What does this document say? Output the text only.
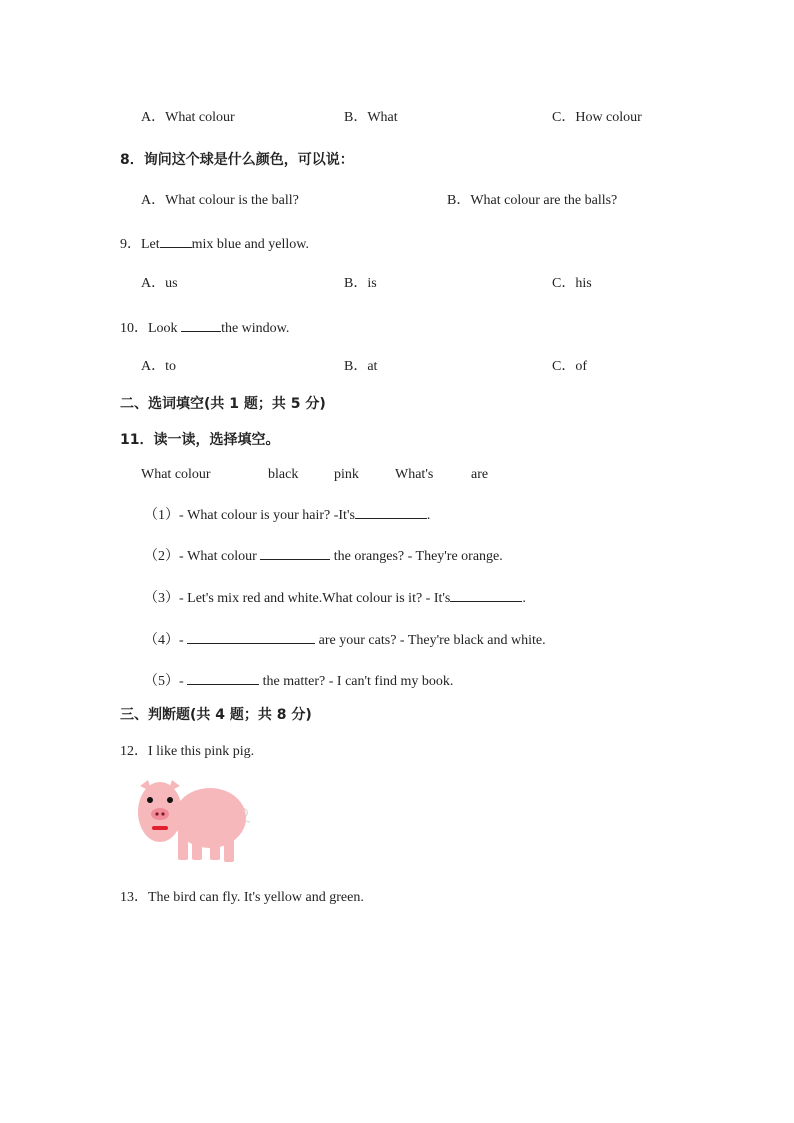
A．What colour	B．What	C．How colour
8．询问这个球是什么颜色，可以说：
A．What colour is the ball?	B．What colour are the balls?
9．Let mix blue and yellow.
A．us	B．is	C．his
10．Look	the window.
A．to	B．at	C．of
二、选词填空(共 1 题；共 5 分)
11．读一读，选择填空。
What colour	black	pink	What's	are
（1）- What colour is your hair? -It's	.
（2）- What colour	the oranges? - They're orange.
（3）- Let's mix red and white.What colour is it? - It's	.
（4）-	are your cats? - They're black and white.
（5）-	the matter? - I can't find my book.
三、判断题(共 4 题；共 8 分)
12．I like this pink pig.
13．The bird can fly. It's yellow and green.
